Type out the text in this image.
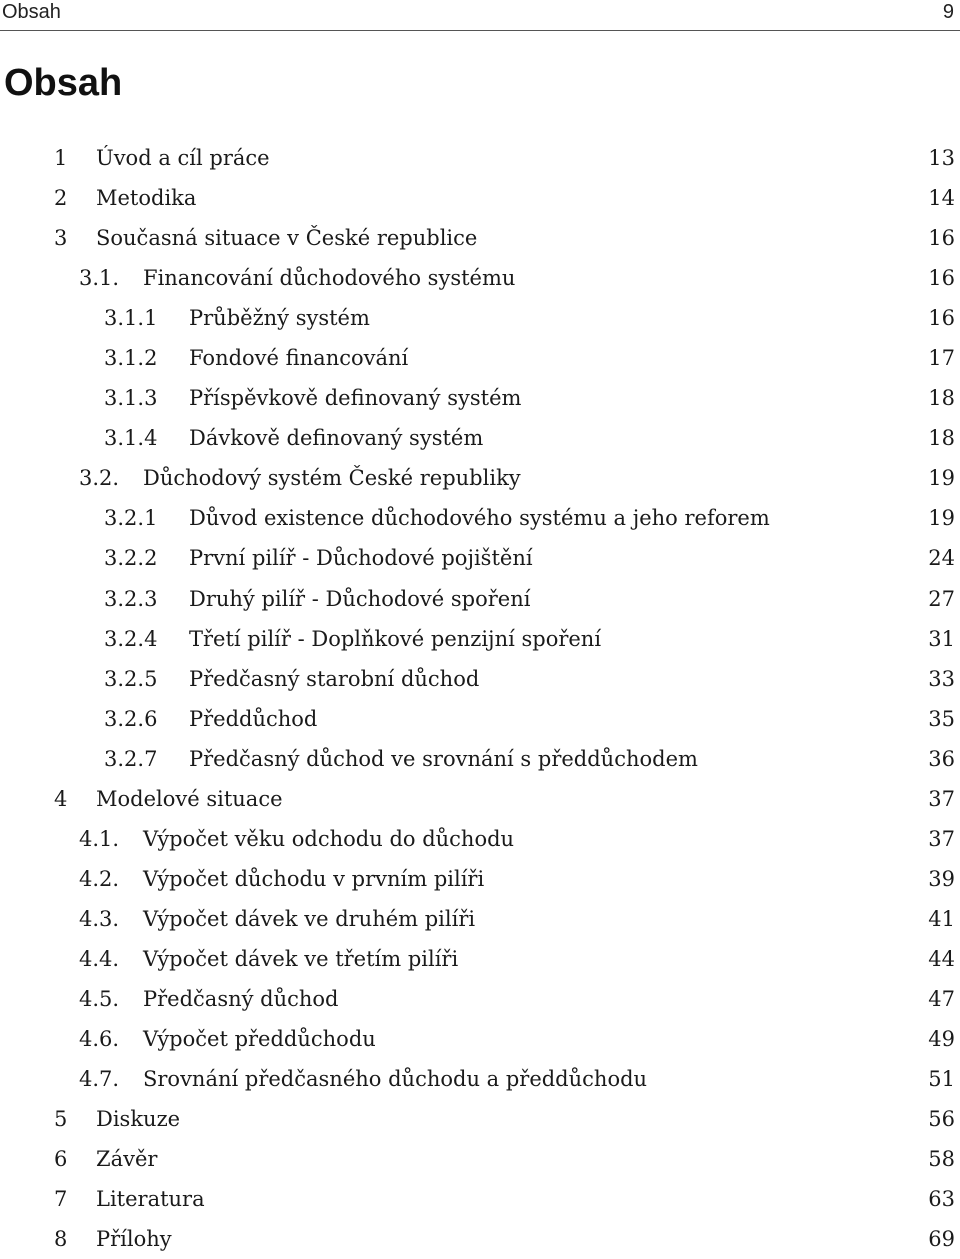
Obsah	9
Obsah
1 Úvod a cíl práce	13
2 Metodika	14
3 Současná situace v České republice	16
3.1. Financování důchodového systému	16
3.1.1 Průběžný systém	16
3.1.2 Fondové financování	17
3.1.3 Příspěvkově definovaný systém	18
3.1.4 Dávkově definovaný systém	18
3.2. Důchodový systém České republiky	19
3.2.1 Důvod existence důchodového systému a jeho reforem	19
3.2.2 První pilíř - Důchodové pojištění	24
3.2.3 Druhý pilíř - Důchodové spoření	27
3.2.4 Třetí pilíř - Doplňkové penzijní spoření	31
3.2.5 Předčasný starobní důchod	33
3.2.6 Předdůchod	35
3.2.7 Předčasný důchod ve srovnání s předdůchodem	36
4 Modelové situace	37
4.1. Výpočet věku odchodu do důchodu	37
4.2. Výpočet důchodu v prvním pilíři	39
4.3. Výpočet dávek ve druhém pilíři	41
4.4. Výpočet dávek ve třetím pilíři	44
4.5. Předčasný důchod	47
4.6. Výpočet předdůchodu	49
4.7. Srovnání předčasného důchodu a předdůchodu	51
5 Diskuze	56
6 Závěr	58
7 Literatura	63
8 Přílohy	69
